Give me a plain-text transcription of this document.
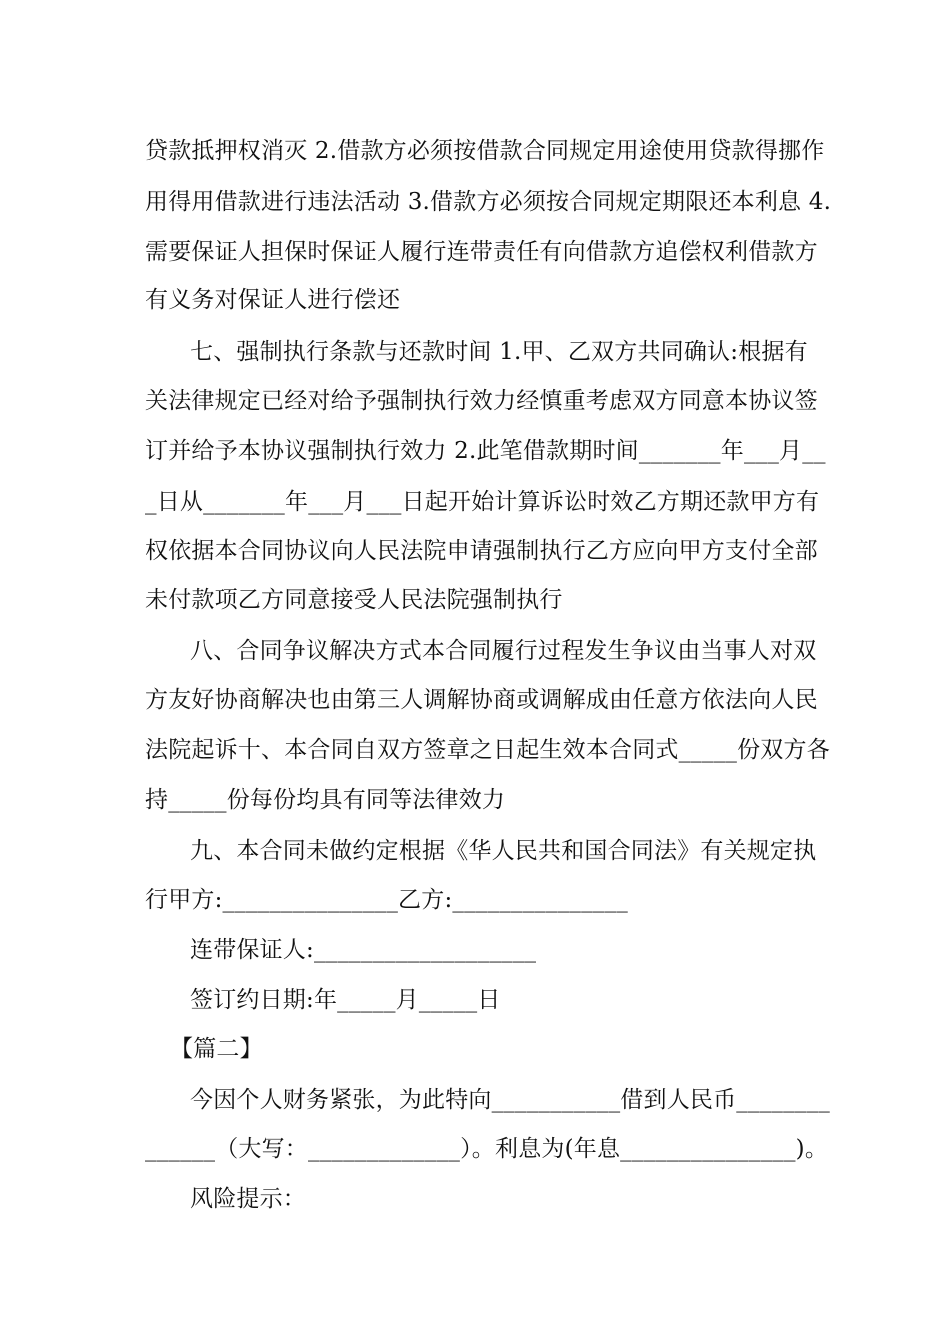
贷款抵押权消灭 2.借款方必须按借款合同规定用途使用贷款得挪作
用得用借款进行违法活动 3.借款方必须按合同规定期限还本利息 4.
需要保证人担保时保证人履行连带责任有向借款方追偿权利借款方
有义务对保证人进行偿还
七、强制执行条款与还款时间 1.甲、乙双方共同确认:根据有
关法律规定已经对给予强制执行效力经慎重考虑双方同意本协议签
订并给予本协议强制执行效力 2.此笔借款期时间_______年___月__
_日从_______年___月___日起开始计算诉讼时效乙方期还款甲方有
权依据本合同协议向人民法院申请强制执行乙方应向甲方支付全部
未付款项乙方同意接受人民法院强制执行
八、合同争议解决方式本合同履行过程发生争议由当事人对双
方友好协商解决也由第三人调解协商或调解成由任意方依法向人民
法院起诉十、本合同自双方签章之日起生效本合同式_____份双方各
持_____份每份均具有同等法律效力
九、本合同未做约定根据《华人民共和国合同法》有关规定执
行甲方:_______________乙方:_______________
连带保证人:___________________
签订约日期:年_____月_____日
【篇二】
今因个人财务紧张，为此特向___________借到人民币________
______（大写：_____________）。利息为(年息_______________)。
风险提示：
